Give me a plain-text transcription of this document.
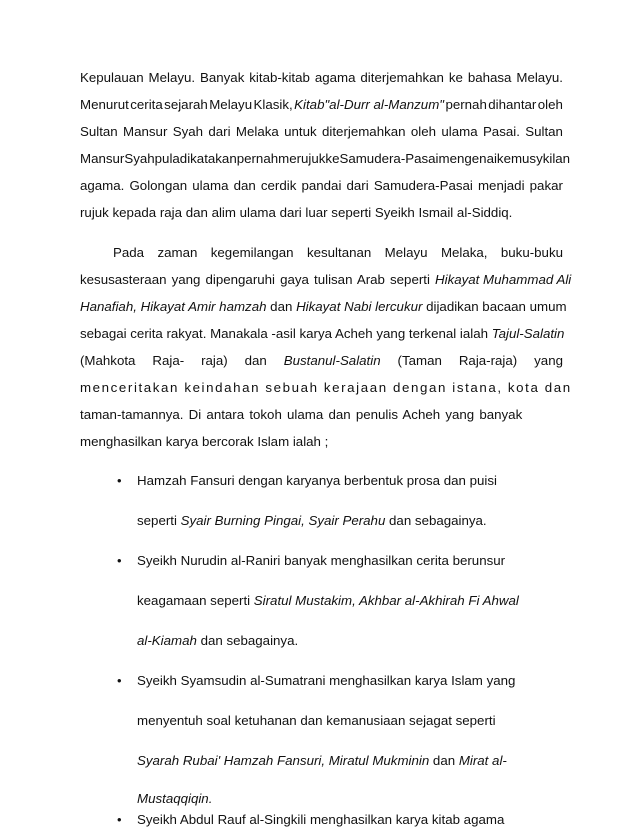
Kepulauan Melayu. Banyak kitab-kitab agama diterjemahkan ke bahasa Melayu.
Menurut cerita sejarah Melayu Klasik, Kitab"al-Durr al-Manzum" pernah dihantar oleh
Sultan Mansur Syah dari Melaka untuk diterjemahkan oleh ulama Pasai. Sultan
Mansur Syah pula dikatakan pernah merujuk ke Samudera-Pasai mengenai kemusykilan
agama. Golongan ulama dan cerdik pandai dari Samudera-Pasai menjadi pakar
rujuk kepada raja dan alim ulama dari luar seperti Syeikh Ismail al-Siddiq.
Pada zaman kegemilangan kesultanan Melayu Melaka, buku-buku
kesusasteraan yang dipengaruhi gaya tulisan Arab seperti Hikayat Muhammad Ali
Hanafiah, Hikayat Amir hamzah dan Hikayat Nabi lercukur dijadikan bacaan umum
sebagai cerita rakyat. Manakala -asil karya Acheh yang terkenal ialah Tajul-Salatin
(Mahkota Raja- raja) dan Bustanul-Salatin (Taman Raja-raja) yang
menceritakan keindahan sebuah kerajaan dengan istana, kota dan
taman-tamannya. Di antara tokoh ulama dan penulis Acheh yang banyak
menghasilkan karya bercorak Islam ialah ;
• Hamzah Fansuri dengan karyanya berbentuk prosa dan puisi
seperti Syair Burning Pingai, Syair Perahu dan sebagainya.
• Syeikh Nurudin al-Raniri banyak menghasilkan cerita berunsur
keagamaan seperti Siratul Mustakim, Akhbar al-Akhirah Fi Ahwal
al-Kiamah dan sebagainya.
• Syeikh Syamsudin al-Sumatrani menghasilkan karya Islam yang
menyentuh soal ketuhanan dan kemanusiaan sejagat seperti
Syarah Rubai' Hamzah Fansuri, Miratul Mukminin dan Mirat al-
Mustaqqiqin.
• Syeikh Abdul Rauf al-Singkili menghasilkan karya kitab agama
